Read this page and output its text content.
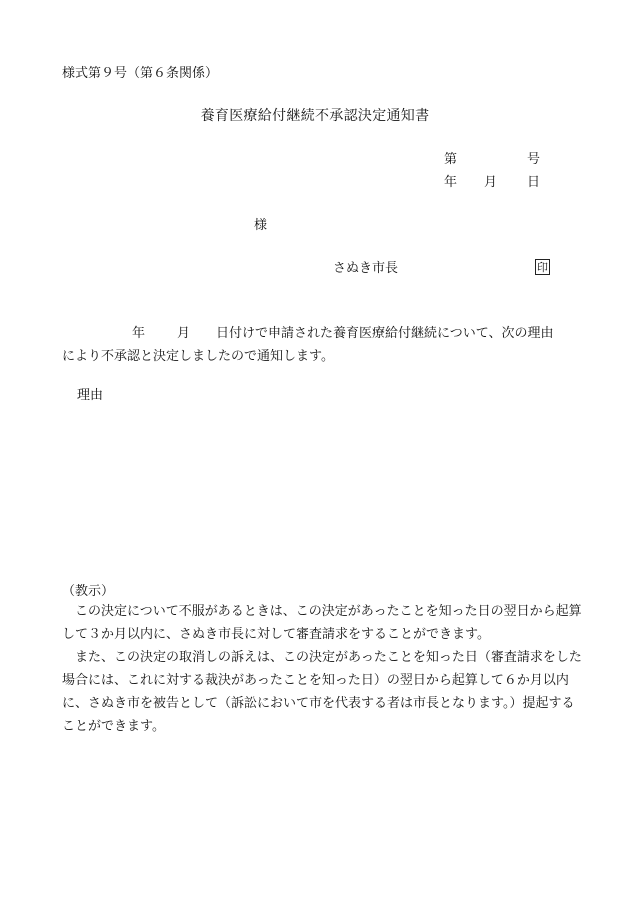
様式第９号（第６条関係）
養育医療給付継続不承認決定通知書
第	号
年 月 日
様
さぬき市長	印
年 月 日付けで申請された養育医療給付継続について、次の理由
により不承認と決定しましたので通知します。
理由
（教示）

この決定について不服があるときは、この決定があったことを知った日の翌日から起算して３か月以内に、さぬき市長に対して審査請求をすることができます。

また、この決定の取消しの訴えは、この決定があったことを知った日（審査請求をした場合には、これに対する裁決があったことを知った日）の翌日から起算して６か月以内に、さぬき市を被告として（訴訟において市を代表する者は市長となります。）提起することができます。
